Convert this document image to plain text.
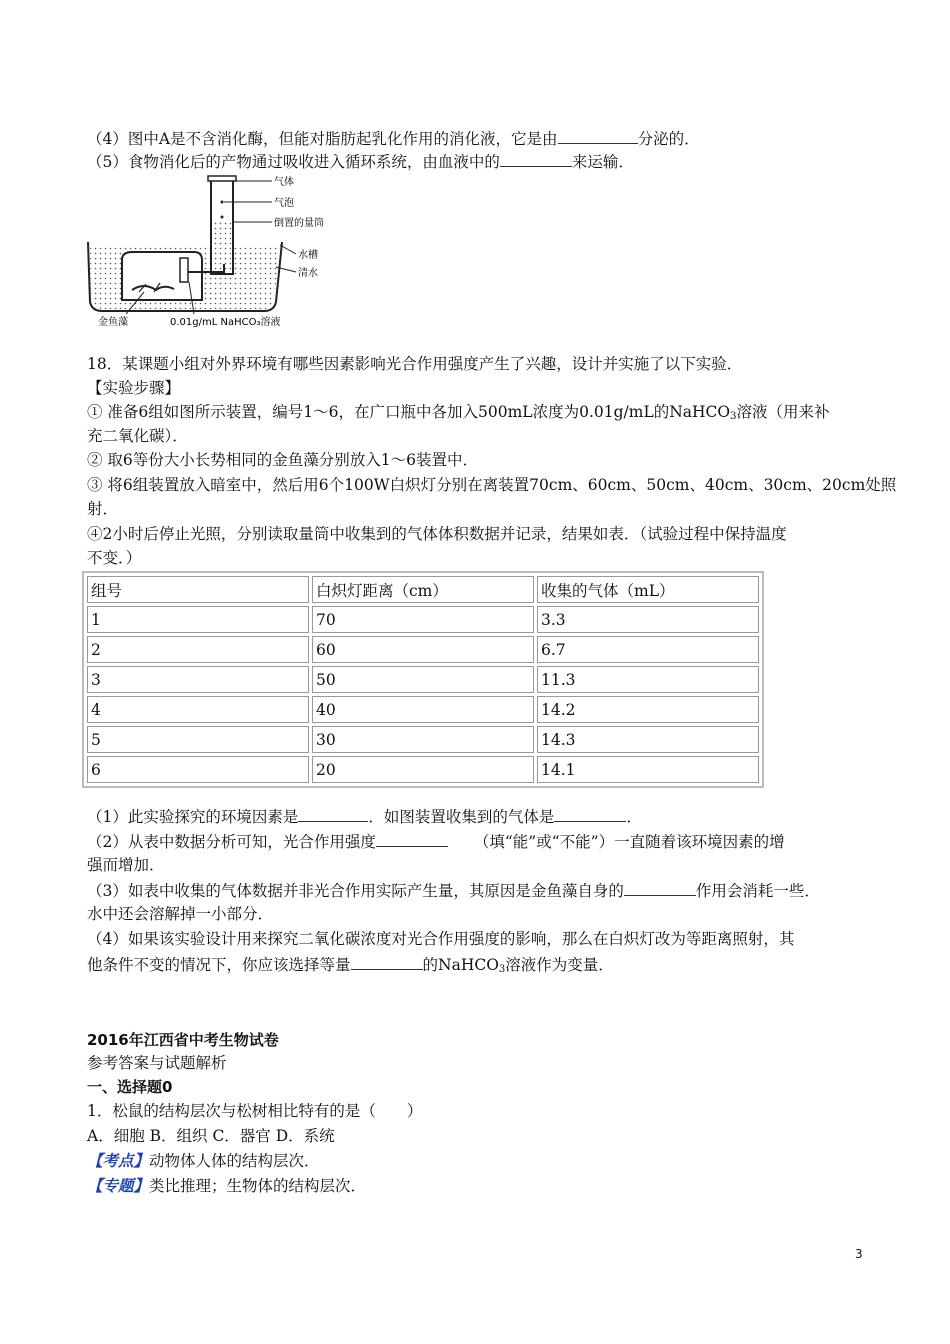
（4）图中A是不含消化酶，但能对脂肪起乳化作用的消化液，它是由	分泌的．
（5）食物消化后的产物通过吸收进入循环系统，由血液中的	来运输．
气体
气泡
倒置的量筒
水槽
清水
金鱼藻	0.01g/mL NaHCO₃溶液
18．某课题小组对外界环境有哪些因素影响光合作用强度产生了兴趣，设计并实施了以下实验．
【实验步骤】
① 准备6组如图所示装置，编号1～6，在广口瓶中各加入500mL浓度为0.01g/mL的NaHCO$_3$溶液（用来补
充二氧化碳）．
② 取6等份大小长势相同的金鱼藻分别放入1～6装置中．
③ 将6组装置放入暗室中，然后用6个100W白炽灯分别在离装置70cm、60cm、50cm、40cm、30cm、20cm处照
射．
④2小时后停止光照，分别读取量筒中收集到的气体体积数据并记录，结果如表．（试验过程中保持温度
不变．）
组号	白炽灯距离（cm）	收集的气体（mL）
1	70	3.3
2	60	6.7
3	50	11.3
4	40	14.2
5	30	14.3
6	20	14.1
（1）此实验探究的环境因素是	．如图装置收集到的气体是	．
（2）从表中数据分析可知，光合作用强度	（填“能”或“不能”）一直随着该环境因素的增
强而增加．
（3）如表中收集的气体数据并非光合作用实际产生量，其原因是金鱼藻自身的	作用会消耗一些．
水中还会溶解掉一小部分．
（4）如果该实验设计用来探究二氧化碳浓度对光合作用强度的影响，那么在白炽灯改为等距离照射，其
他条件不变的情况下，你应该选择等量	的NaHCO$_3$溶液作为变量．
2016年江西省中考生物试卷
参考答案与试题解析
一、选择题0
1．松鼠的结构层次与松树相比特有的是（　　）
A．细胞 B．组织 C．器官 D．系统
【考点】动物体人体的结构层次．
【专题】类比推理；生物体的结构层次．
3
